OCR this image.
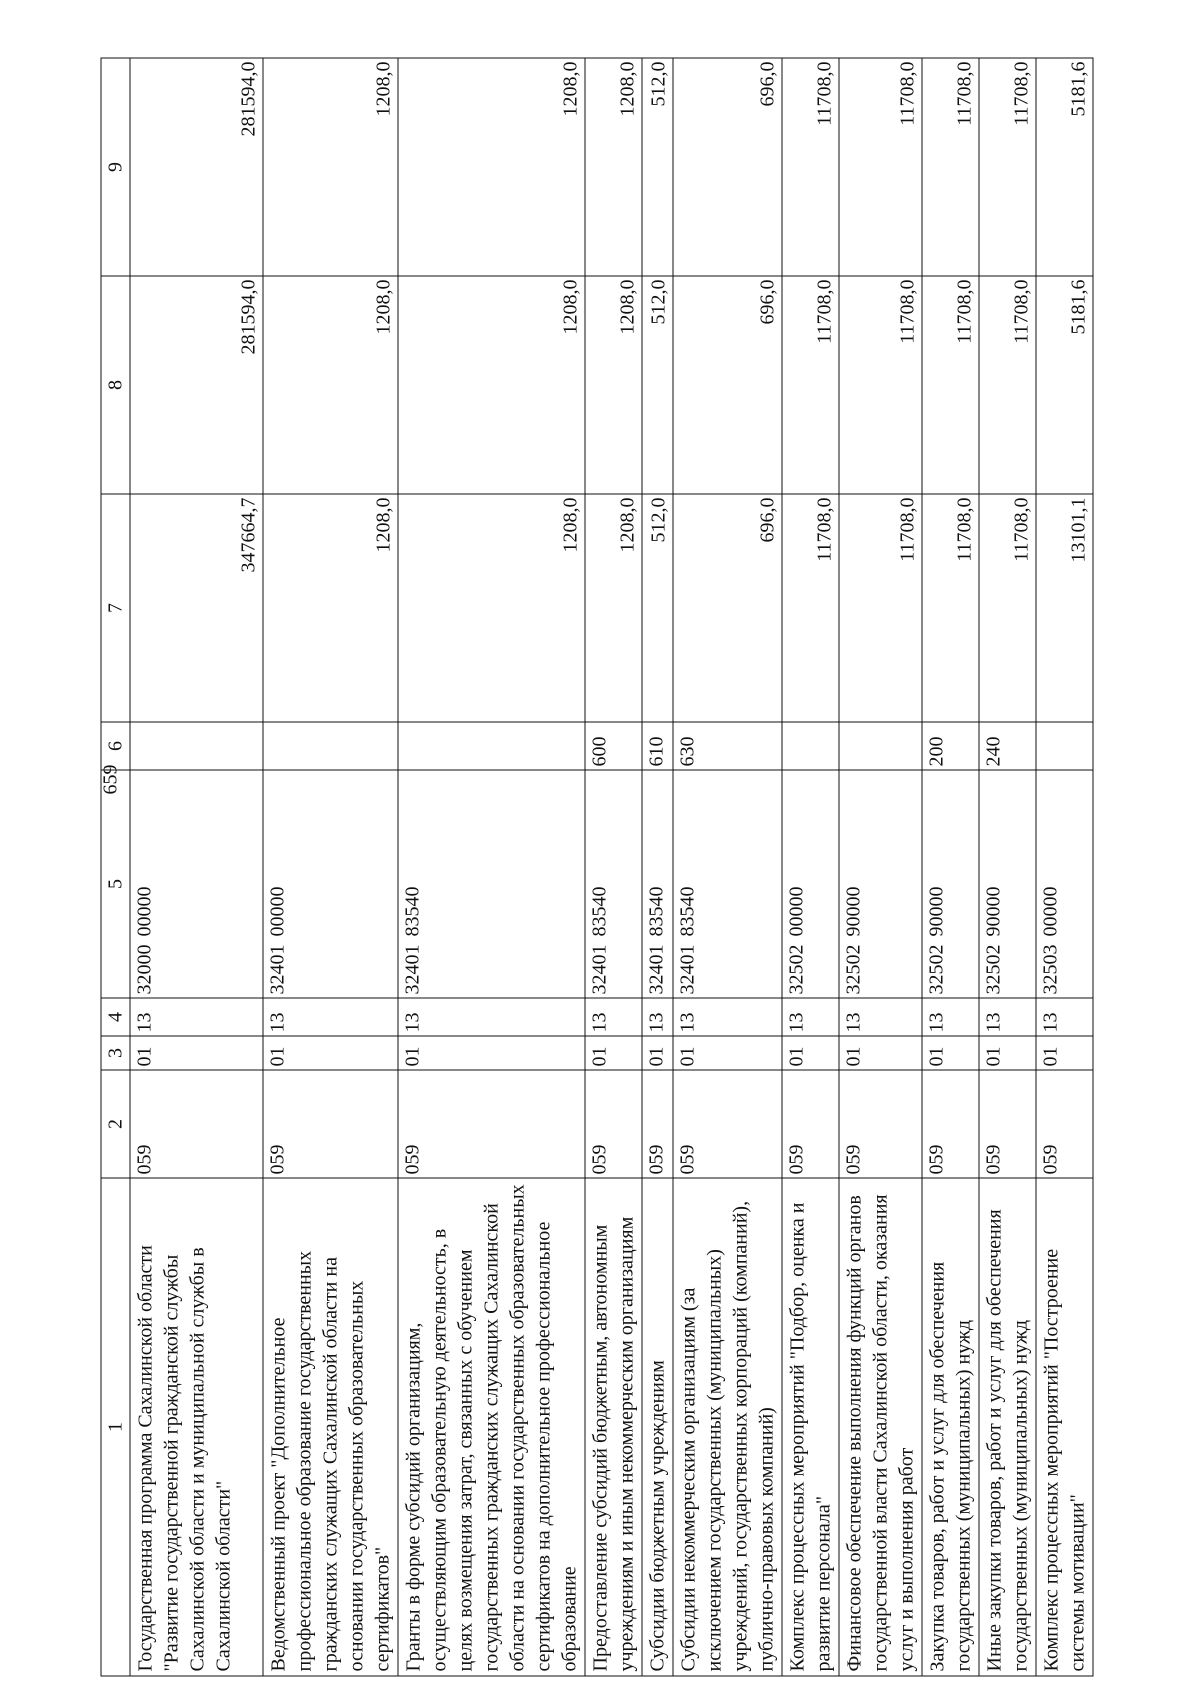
659
1	2	3	4	5	6	7	8	9
Государственная программа Сахалинской области "Развитие государственной гражданской службы Сахалинской области и муниципальной службы в Сахалинской области"	059	01	13	3200000000		347664,7	281594,0	281594,0
Ведомственный проект "Дополнительное профессиональное образование государственных гражданских служащих Сахалинской области на основании государственных образовательных сертификатов"	059	01	13	3240100000		1208,0	1208,0	1208,0
Гранты в форме субсидий организациям, осуществляющим образовательную деятельность, в целях возмещения затрат, связанных с обучением государственных гражданских служащих Сахалинской области на основании государственных образовательных сертификатов на дополнительное профессиональное образование	059	01	13	3240183540		1208,0	1208,0	1208,0
Предоставление субсидий бюджетным, автономным учреждениям и иным некоммерческим организациям	059	01	13	3240183540	600	1208,0	1208,0	1208,0
Субсидии бюджетным учреждениям	059	01	13	3240183540	610	512,0	512,0	512,0
Субсидии некоммерческим организациям (за исключением государственных (муниципальных) учреждений, государственных корпораций (компаний), публично-правовых компаний)	059	01	13	3240183540	630	696,0	696,0	696,0
Комплекс процессных мероприятий "Подбор, оценка и развитие персонала"	059	01	13	3250200000		11708,0	11708,0	11708,0
Финансовое обеспечение выполнения функций органов государственной власти Сахалинской области, оказания услуг и выполнения работ	059	01	13	3250290000		11708,0	11708,0	11708,0
Закупка товаров, работ и услуг для обеспечения государственных (муниципальных) нужд	059	01	13	3250290000	200	11708,0	11708,0	11708,0
Иные закупки товаров, работ и услуг для обеспечения государственных (муниципальных) нужд	059	01	13	3250290000	240	11708,0	11708,0	11708,0
Комплекс процессных мероприятий "Построение системы мотивации"	059	01	13	3250300000		13101,1	5181,6	5181,6
